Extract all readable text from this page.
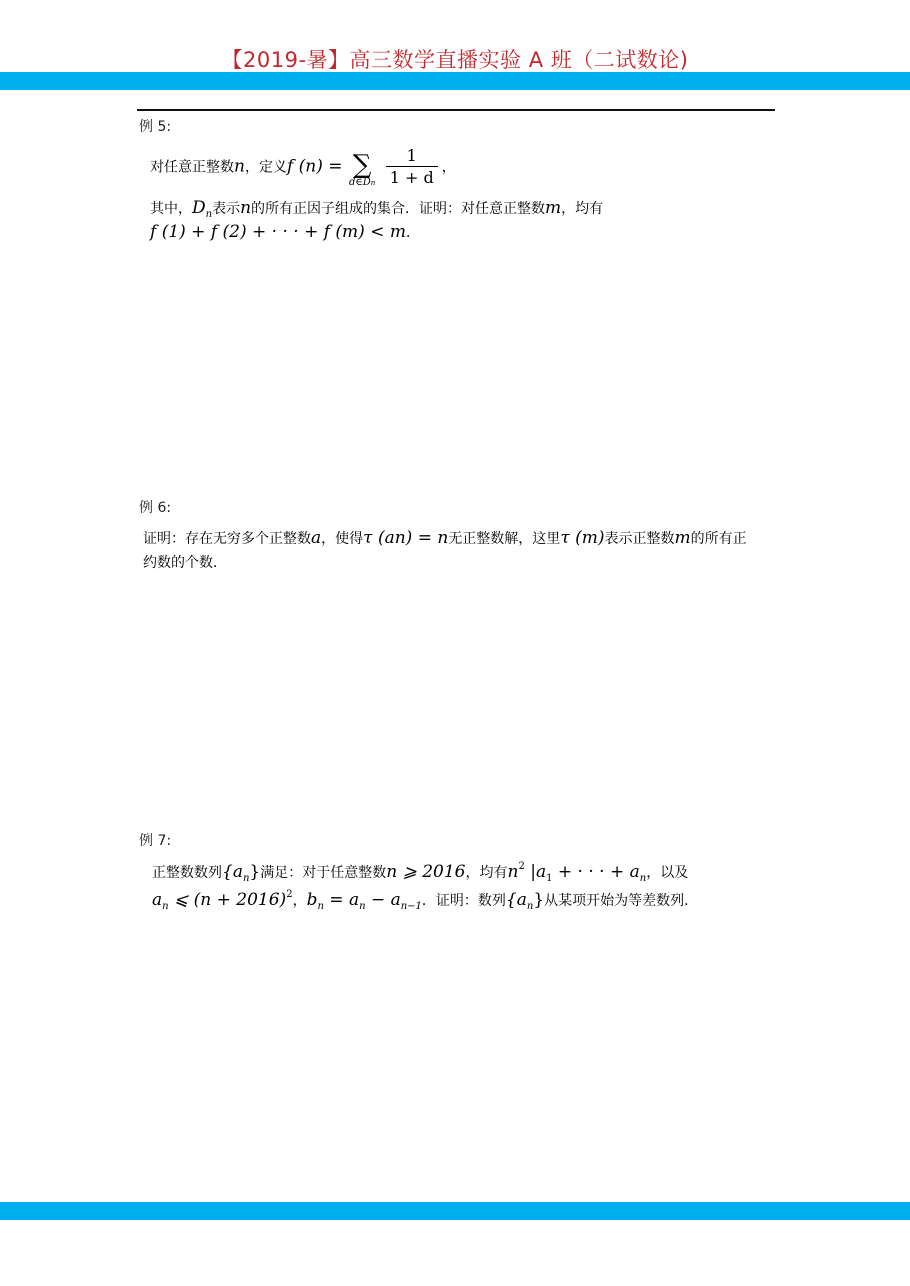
【2019-暑】高三数学直播实验 A 班（二试数论)
例 5:
对任意正整数n，定义f (n) = ∑
d∈Dn
$\frac{1}{1 + d}$ ，
其中，$D_n$表示n的所有正因子组成的集合．证明：对任意正整数m，均有
f (1) + f (2) + · · · + f (m) < m．
例 6:
证明：存在无穷多个正整数a，使得τ (an) = n无正整数解，这里τ (m)表示正整数m的所有正
约数的个数．
例 7:
正整数数列$\{a_n\}$满足：对于任意整数n ⩾ 2016，均有$n^2$ $|a_1$ + · · · + $a_n$，以及
$a_n$ ⩽ $(n + 2016)^2$，$b_n = a_n - a_{n-1}$．证明：数列$\{a_n\}$从某项开始为等差数列．
